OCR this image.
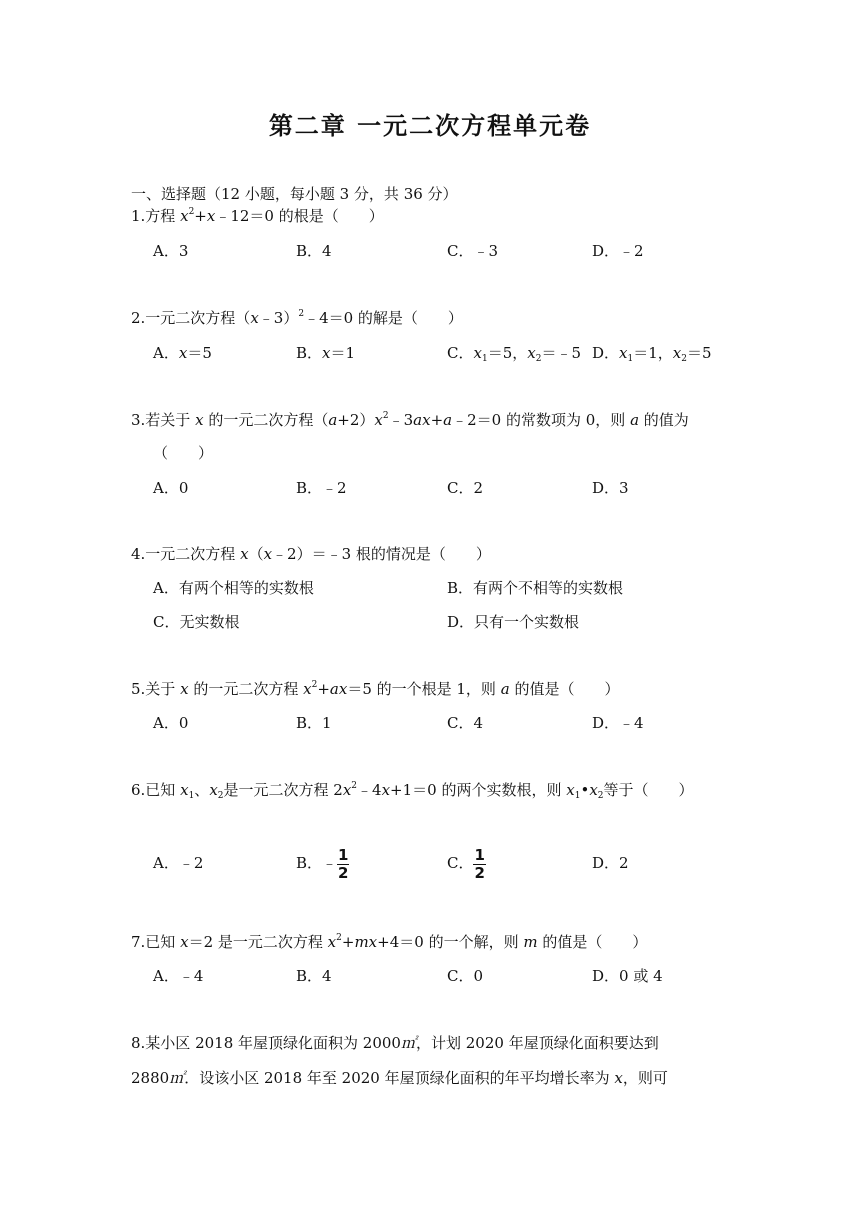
第二章 一元二次方程单元卷
一、选择题（12 小题，每小题 3 分，共 36 分）
1.方程 $x^2+x﹣12=0$ 的根是（　　）
A．3	B．4	C．﹣3	D．﹣2
2.一元二次方程（x﹣3）$^2$﹣4＝0 的解是（　　）
A．x＝5	B．x＝1	C．$x_1=5$，$x_2=﹣5$ D．$x_1=1$，$x_2=5$
3.若关于 x 的一元二次方程$(a+2)x^2﹣3ax+a﹣2=0$ 的常数项为 0，则 a 的值为
（　　）
A．0	B．﹣2	C．2	D．3
4.一元二次方程 x（x﹣2）＝﹣3 根的情况是（　　）
A．有两个相等的实数根	B．有两个不相等的实数根
C．无实数根	D．只有一个实数根
5.关于 x 的一元二次方程 $x^2+ax=5$ 的一个根是 1，则 a 的值是（　　）
A．0	B．1	C．4	D．﹣4
6.已知 $x_1$、$x_2$是一元二次方程 $2x^2﹣4x+1=0$ 的两个实数根，则 $x_1•x_2$等于（　　）
A．﹣2	B．﹣ $\frac{1}{2}$	C． $\frac{1}{2}$	D．2
7.已知 x＝2 是一元二次方程 $x^2+mx+4=0$ 的一个解，则 m 的值是（　　）
A．﹣4	B．4	C．0	D．0 或 4
8.某小区 2018 年屋顶绿化面积为 2000㎡，计划 2020 年屋顶绿化面积要达到
2880㎡．设该小区 2018 年至 2020 年屋顶绿化面积的年平均增长率为 x，则可
